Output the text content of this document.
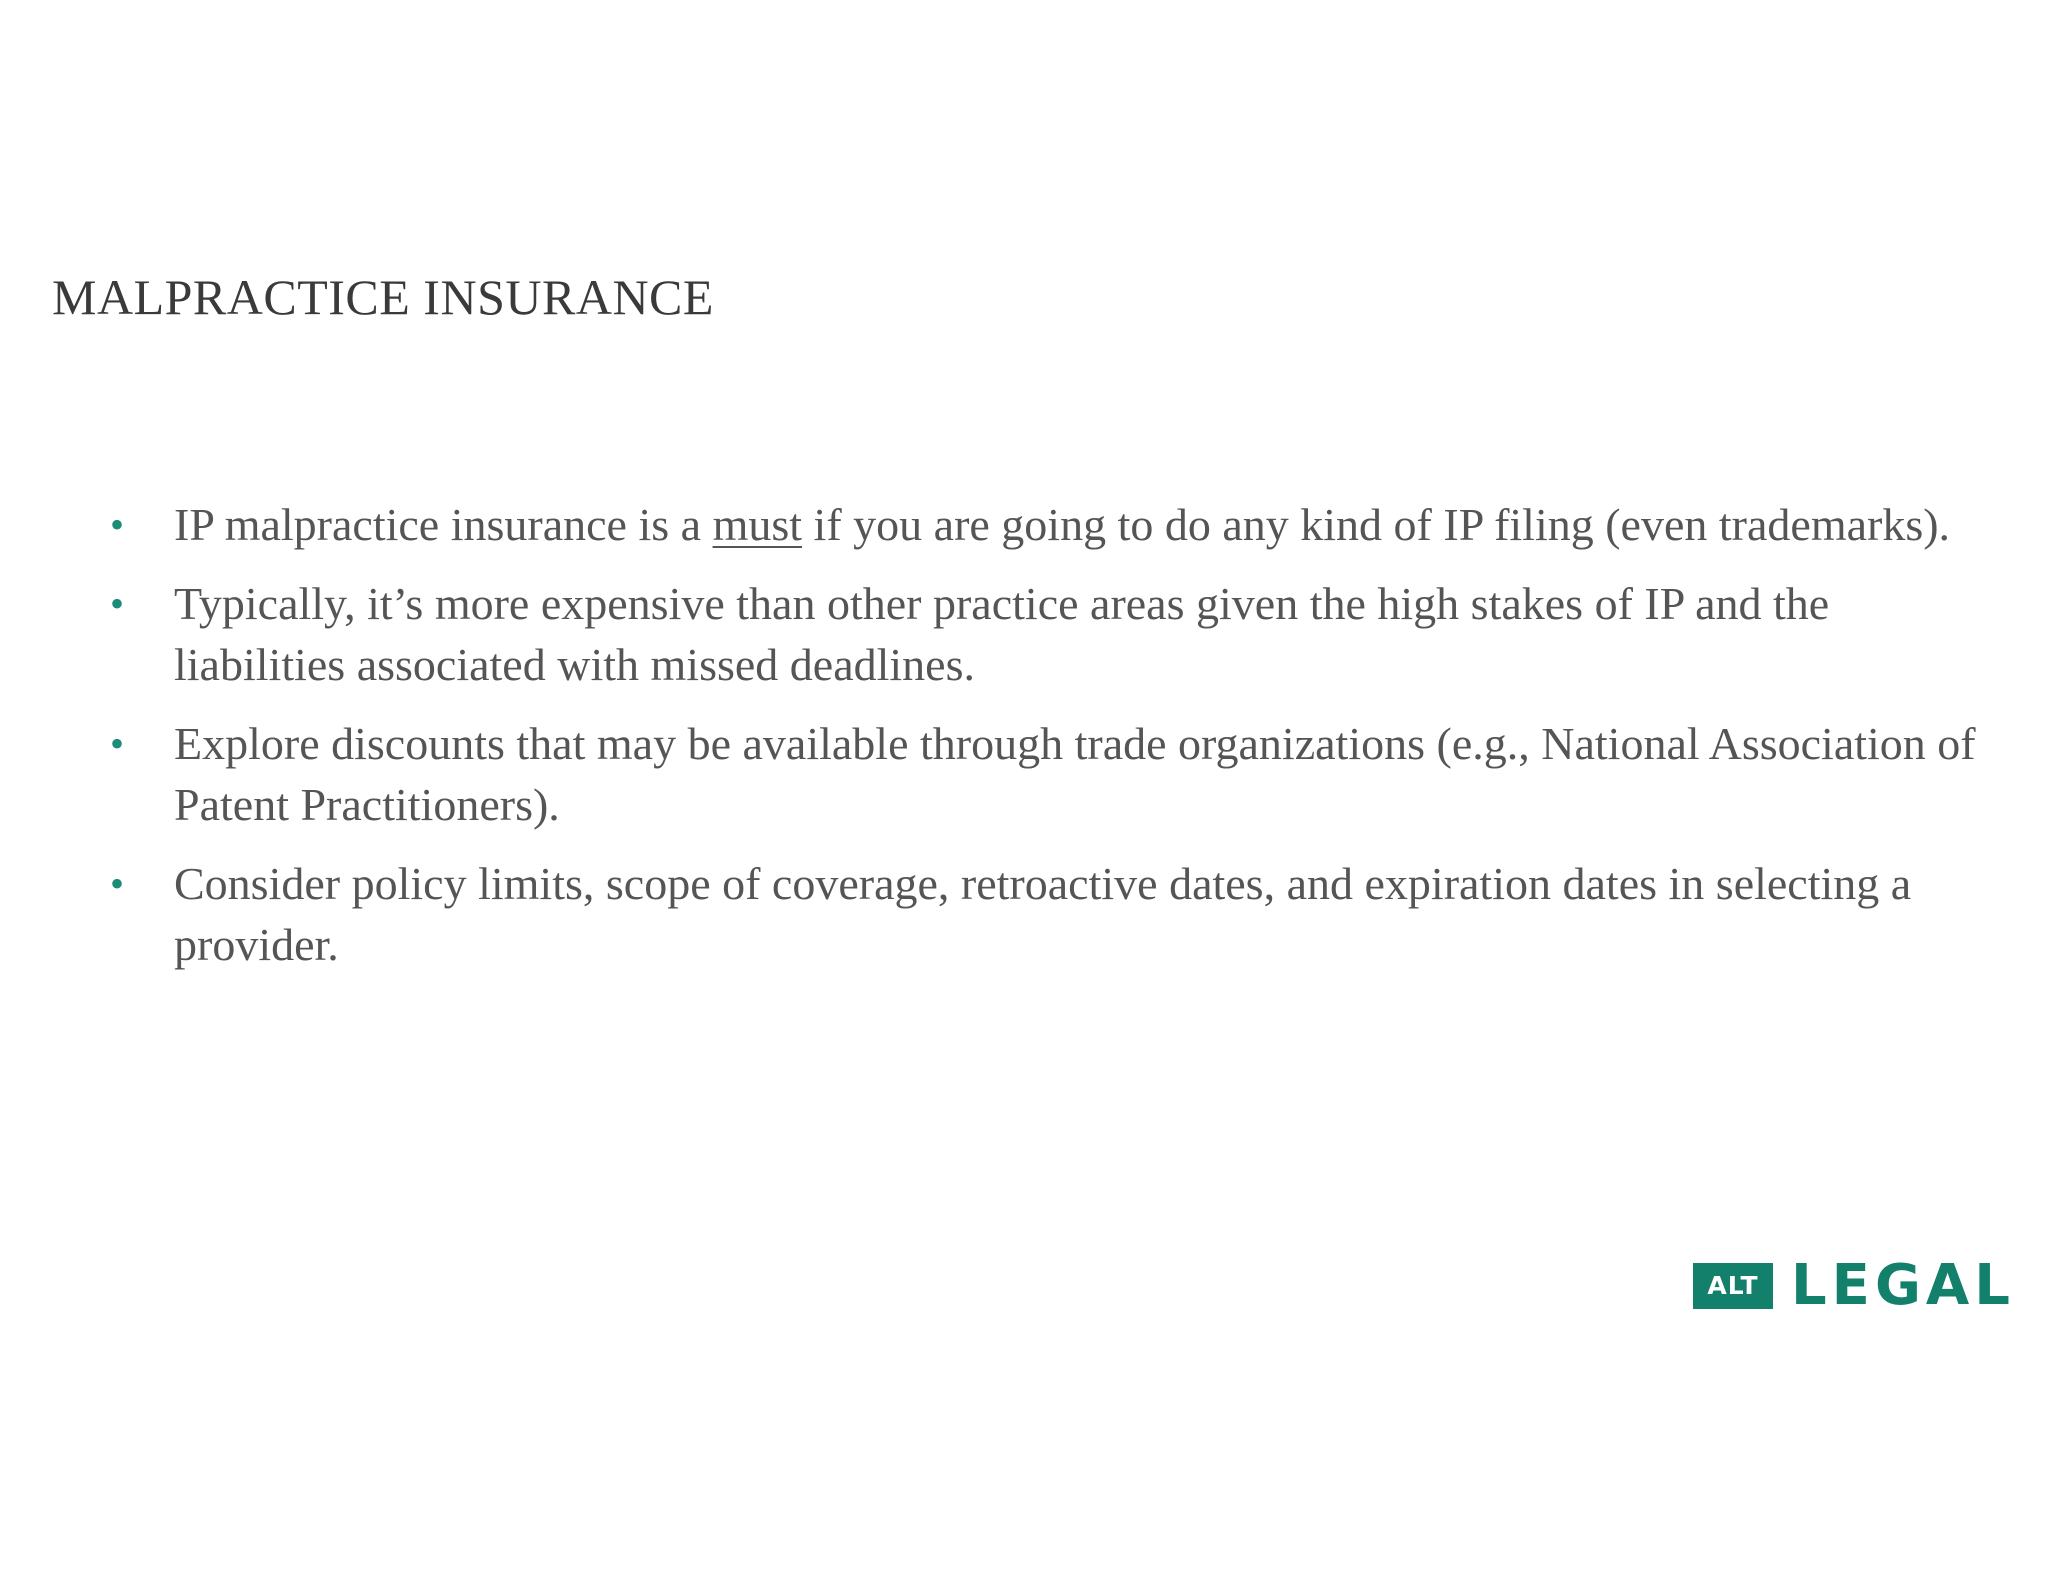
MALPRACTICE INSURANCE
• IP malpractice insurance is a must if you are going to do any kind of IP filing (even trademarks).
• Typically, it’s more expensive than other practice areas given the high stakes of IP and the liabilities associated with missed deadlines.
• Explore discounts that may be available through trade organizations (e.g., National Association of Patent Practitioners).
• Consider policy limits, scope of coverage, retroactive dates, and expiration dates in selecting a provider.
ALT LEGAL
